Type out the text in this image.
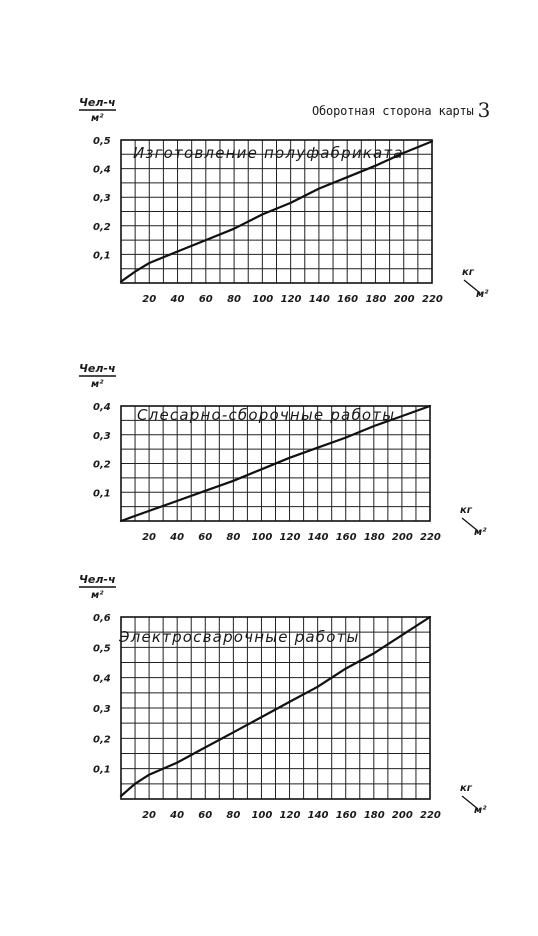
Оборотная сторона карты 3
0,1
0,2
0,3
0,4
0,5
20 40 60 80 100 120 140 160 180 200 220
Чел-ч
м²
кг
м²
Изготовление полуфабриката
0,1
0,2
0,3
0,4
20 40 60 80 100 120 140 160 180 200 220
Чел-ч
м²
кг
м²
Слесарно-сборочные работы
0,1
0,2
0,3
0,4
0,5
0,6
20 40 60 80 100 120 140 160 180 200 220
Чел-ч
м²
кг
м²
Электросварочные работы
